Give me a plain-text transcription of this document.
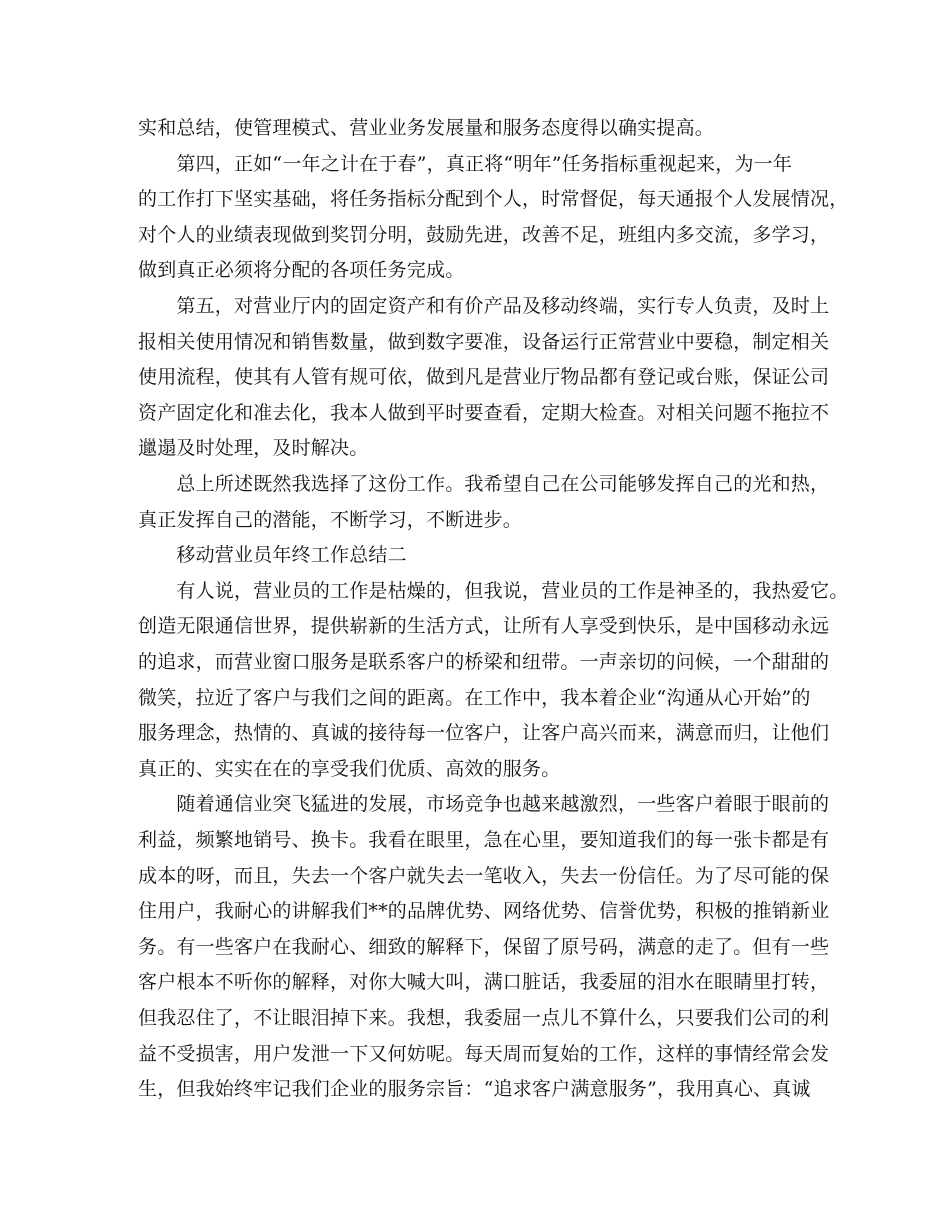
实和总结，使管理模式、营业业务发展量和服务态度得以确实提高。
　　第四，正如“一年之计在于春”，真正将“明年”任务指标重视起来，为一年
的工作打下坚实基础，将任务指标分配到个人，时常督促，每天通报个人发展情况，
对个人的业绩表现做到奖罚分明，鼓励先进，改善不足，班组内多交流，多学习，
做到真正必须将分配的各项任务完成。
　　第五，对营业厅内的固定资产和有价产品及移动终端，实行专人负责，及时上
报相关使用情况和销售数量，做到数字要准，设备运行正常营业中要稳，制定相关
使用流程，使其有人管有规可依，做到凡是营业厅物品都有登记或台账，保证公司
资产固定化和准去化，我本人做到平时要查看，定期大检查。对相关问题不拖拉不
邋遢及时处理，及时解决。
　　总上所述既然我选择了这份工作。我希望自己在公司能够发挥自己的光和热，
真正发挥自己的潜能，不断学习，不断进步。
　　移动营业员年终工作总结二
　　有人说，营业员的工作是枯燥的，但我说，营业员的工作是神圣的，我热爱它。
创造无限通信世界，提供崭新的生活方式，让所有人享受到快乐，是中国移动永远
的追求，而营业窗口服务是联系客户的桥梁和纽带。一声亲切的问候，一个甜甜的
微笑，拉近了客户与我们之间的距离。在工作中，我本着企业“沟通从心开始”的
服务理念，热情的、真诚的接待每一位客户，让客户高兴而来，满意而归，让他们
真正的、实实在在的享受我们优质、高效的服务。
　　随着通信业突飞猛进的发展，市场竞争也越来越激烈，一些客户着眼于眼前的
利益，频繁地销号、换卡。我看在眼里，急在心里，要知道我们的每一张卡都是有
成本的呀，而且，失去一个客户就失去一笔收入，失去一份信任。为了尽可能的保
住用户，我耐心的讲解我们**的品牌优势、网络优势、信誉优势，积极的推销新业
务。有一些客户在我耐心、细致的解释下，保留了原号码，满意的走了。但有一些
客户根本不听你的解释，对你大喊大叫，满口脏话，我委屈的泪水在眼睛里打转，
但我忍住了，不让眼泪掉下来。我想，我委屈一点儿不算什么，只要我们公司的利
益不受损害，用户发泄一下又何妨呢。每天周而复始的工作，这样的事情经常会发
生，但我始终牢记我们企业的服务宗旨：“追求客户满意服务”，我用真心、真诚
